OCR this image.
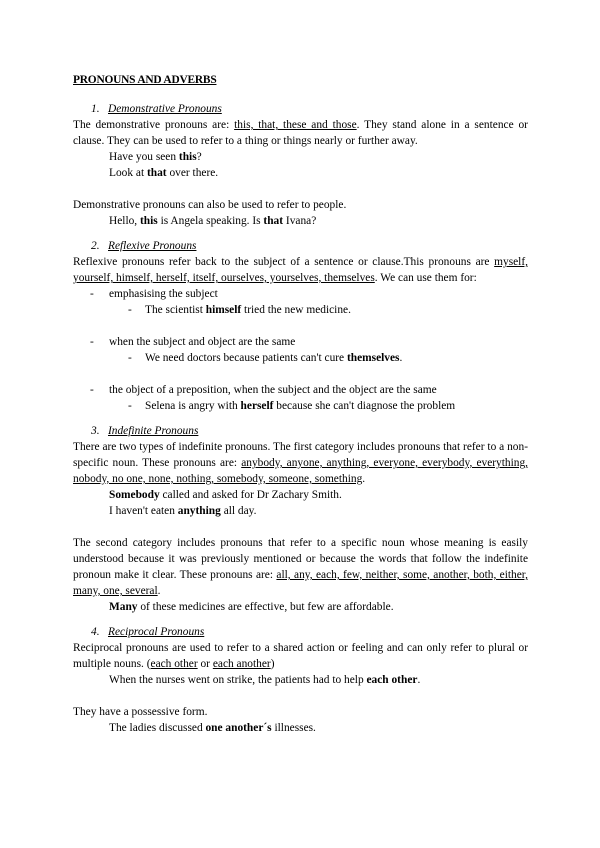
PRONOUNS AND ADVERBS
1. Demonstrative Pronouns

The demonstrative pronouns are: this, that, these and those. They stand alone in a sentence or clause. They can be used to refer to a thing or things nearly or further away.

Have you seen this?

Look at that over there.

Demonstrative pronouns can also be used to refer to people.

Hello, this is Angela speaking. Is that Ivana?

2. Reflexive Pronouns

Reflexive pronouns refer back to the subject of a sentence or clause.This pronouns are myself, yourself, himself, herself, itself, ourselves, yourselves, themselves. We can use them for:

- emphasising the subject
- The scientist himself tried the new medicine.
- when the subject and object are the same
- We need doctors because patients can't cure themselves.
- the object of a preposition, when the subject and the object are the same
- Selena is angry with herself because she can't diagnose the problem
3. Indefinite Pronouns

There are two types of indefinite pronouns. The first category includes pronouns that refer to a non-specific noun. These pronouns are: anybody, anyone, anything, everyone, everybody, everything, nobody, no one, none, nothing, somebody, someone, something.

Somebody called and asked for Dr Zachary Smith.

I haven't eaten anything all day.

The second category includes pronouns that refer to a specific noun whose meaning is easily understood because it was previously mentioned or because the words that follow the indefinite pronoun make it clear. These pronouns are: all, any, each, few, neither, some, another, both, either, many, one, several.

Many of these medicines are effective, but few are affordable.

4. Reciprocal Pronouns

Reciprocal pronouns are used to refer to a shared action or feeling and can only refer to plural or multiple nouns. (each other or each another)

When the nurses went on strike, the patients had to help each other.

They have a possessive form.

The ladies discussed one another´s illnesses.
